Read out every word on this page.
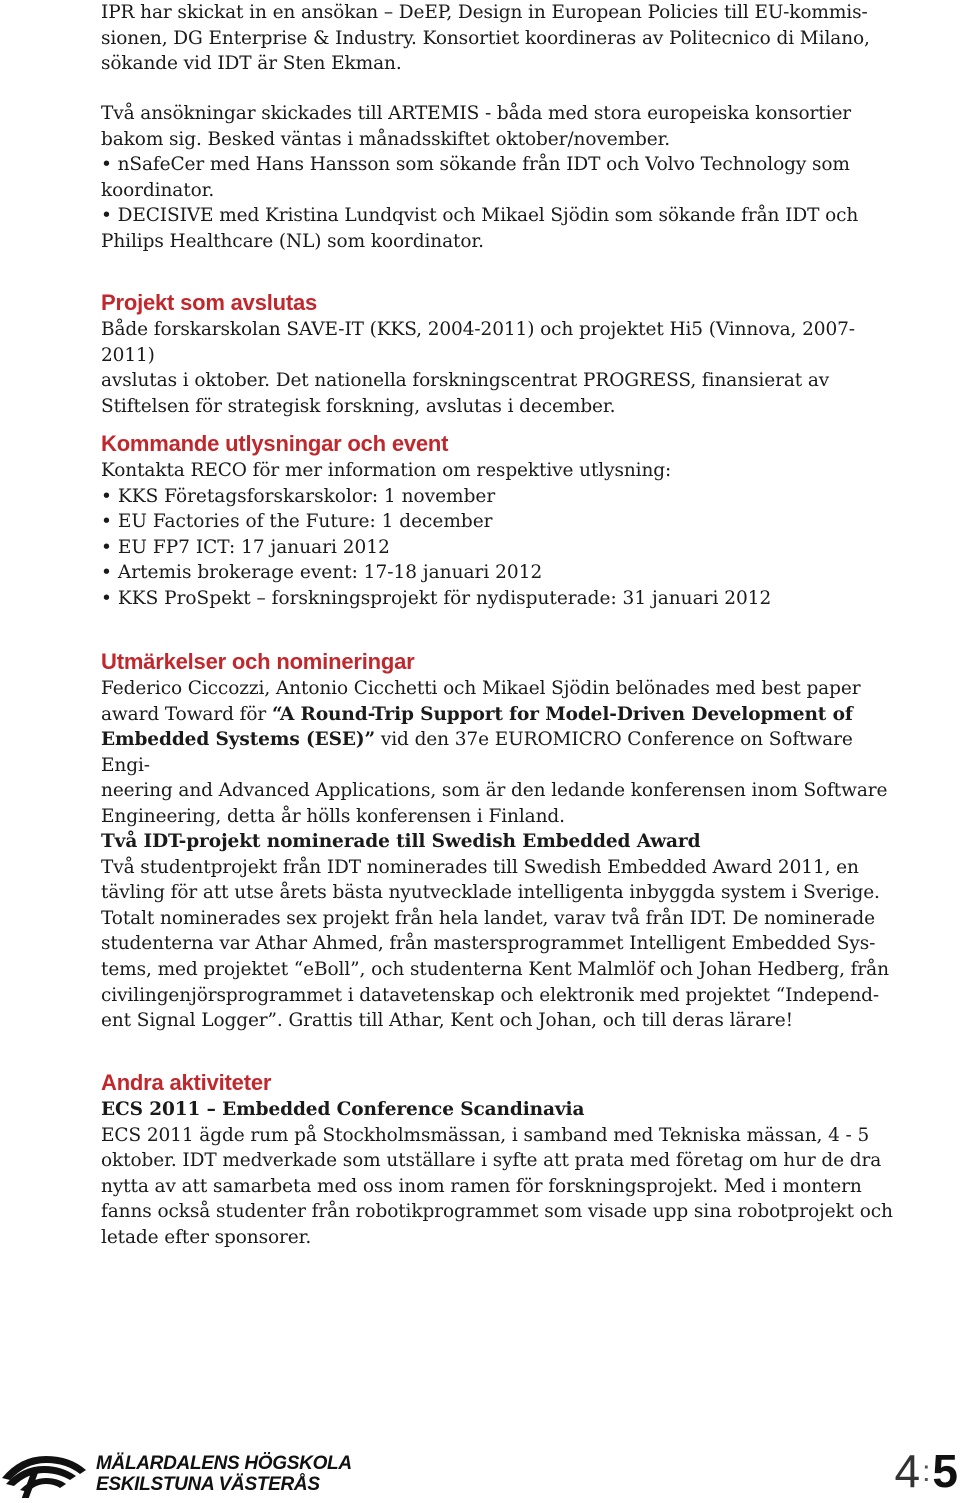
IPR har skickat in en ansökan – DeEP, Design in European Policies till EU-kommis-

sionen, DG Enterprise & Industry. Konsortiet koordineras av Politecnico di Milano,

sökande vid IDT är Sten Ekman.

Två ansökningar skickades till ARTEMIS - båda med stora europeiska konsortier

bakom sig. Besked väntas i månadsskiftet oktober/november.

• nSafeCer med Hans Hansson som sökande från IDT och Volvo Technology som

koordinator.

• DECISIVE med Kristina Lundqvist och Mikael Sjödin som sökande från IDT och

Philips Healthcare (NL) som koordinator.

Projekt som avslutas

Både forskarskolan SAVE-IT (KKS, 2004-2011) och projektet Hi5 (Vinnova, 2007-2011)

avslutas i oktober. Det nationella forskningscentrat PROGRESS, finansierat av

Stiftelsen för strategisk forskning, avslutas i december.

Kommande utlysningar och event

Kontakta RECO för mer information om respektive utlysning:

• KKS Företagsforskarskolor: 1 november
• EU Factories of the Future: 1 december
• EU FP7 ICT: 17 januari 2012
• Artemis brokerage event: 17-18 januari 2012
• KKS ProSpekt – forskningsprojekt för nydisputerade: 31 januari 2012
Utmärkelser och nomineringar

Federico Ciccozzi, Antonio Cicchetti och Mikael Sjödin belönades med best paper

award Toward för “A Round-Trip Support for Model-Driven Development of

Embedded Systems (ESE)” vid den 37e EUROMICRO Conference on Software Engi-

neering and Advanced Applications, som är den ledande konferensen inom Software

Engineering, detta år hölls konferensen i Finland.

Två IDT-projekt nominerade till Swedish Embedded Award

Två studentprojekt från IDT nominerades till Swedish Embedded Award 2011, en

tävling för att utse årets bästa nyutvecklade intelligenta inbyggda system i Sverige.

Totalt nominerades sex projekt från hela landet, varav två från IDT. De nominerade

studenterna var Athar Ahmed, från mastersprogrammet Intelligent Embedded Sys-

tems, med projektet “eBoll”, och studenterna Kent Malmlöf och Johan Hedberg, från

civilingenjörsprogrammet i datavetenskap och elektronik med projektet “Independ-

ent Signal Logger”. Grattis till Athar, Kent och Johan, och till deras lärare!

Andra aktiviteter

ECS 2011 – Embedded Conference Scandinavia

ECS 2011 ägde rum på Stockholmsmässan, i samband med Tekniska mässan, 4 - 5

oktober. IDT medverkade som utställare i syfte att prata med företag om hur de dra

nytta av att samarbeta med oss inom ramen för forskningsprojekt. Med i montern

fanns också studenter från robotikprogrammet som visade upp sina robotprojekt och

letade efter sponsorer.

MÄLARDALENS HÖGSKOLA
ESKILSTUNA VÄSTERÅS	4:5
